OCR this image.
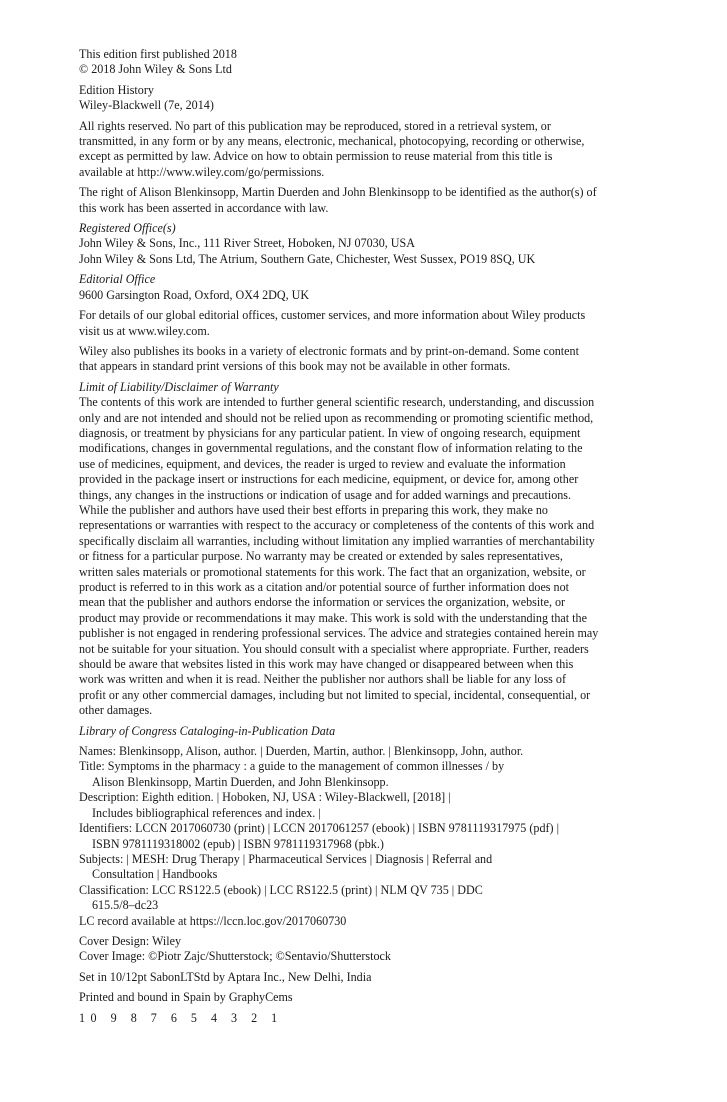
This edition first published 2018
© 2018 John Wiley & Sons Ltd
Edition History
Wiley-Blackwell (7e, 2014)
All rights reserved. No part of this publication may be reproduced, stored in a retrieval system, or
transmitted, in any form or by any means, electronic, mechanical, photocopying, recording or otherwise,
except as permitted by law. Advice on how to obtain permission to reuse material from this title is
available at http://www.wiley.com/go/permissions.
The right of Alison Blenkinsopp, Martin Duerden and John Blenkinsopp to be identified as the author(s) of
this work has been asserted in accordance with law.
Registered Office(s)
John Wiley & Sons, Inc., 111 River Street, Hoboken, NJ 07030, USA
John Wiley & Sons Ltd, The Atrium, Southern Gate, Chichester, West Sussex, PO19 8SQ, UK
Editorial Office
9600 Garsington Road, Oxford, OX4 2DQ, UK
For details of our global editorial offices, customer services, and more information about Wiley products
visit us at www.wiley.com.
Wiley also publishes its books in a variety of electronic formats and by print-on-demand. Some content
that appears in standard print versions of this book may not be available in other formats.
Limit of Liability/Disclaimer of Warranty
The contents of this work are intended to further general scientific research, understanding, and discussion
only and are not intended and should not be relied upon as recommending or promoting scientific method,
diagnosis, or treatment by physicians for any particular patient. In view of ongoing research, equipment
modifications, changes in governmental regulations, and the constant flow of information relating to the
use of medicines, equipment, and devices, the reader is urged to review and evaluate the information
provided in the package insert or instructions for each medicine, equipment, or device for, among other
things, any changes in the instructions or indication of usage and for added warnings and precautions.
While the publisher and authors have used their best efforts in preparing this work, they make no
representations or warranties with respect to the accuracy or completeness of the contents of this work and
specifically disclaim all warranties, including without limitation any implied warranties of merchantability
or fitness for a particular purpose. No warranty may be created or extended by sales representatives,
written sales materials or promotional statements for this work. The fact that an organization, website, or
product is referred to in this work as a citation and/or potential source of further information does not
mean that the publisher and authors endorse the information or services the organization, website, or
product may provide or recommendations it may make. This work is sold with the understanding that the
publisher is not engaged in rendering professional services. The advice and strategies contained herein may
not be suitable for your situation. You should consult with a specialist where appropriate. Further, readers
should be aware that websites listed in this work may have changed or disappeared between when this
work was written and when it is read. Neither the publisher nor authors shall be liable for any loss of
profit or any other commercial damages, including but not limited to special, incidental, consequential, or
other damages.
Library of Congress Cataloging-in-Publication Data
Names: Blenkinsopp, Alison, author. | Duerden, Martin, author. | Blenkinsopp, John, author.
Title: Symptoms in the pharmacy : a guide to the management of common illnesses / by
Alison Blenkinsopp, Martin Duerden, and John Blenkinsopp.
Description: Eighth edition. | Hoboken, NJ, USA : Wiley-Blackwell, [2018] |
Includes bibliographical references and index. |
Identifiers: LCCN 2017060730 (print) | LCCN 2017061257 (ebook) | ISBN 9781119317975 (pdf) |
ISBN 9781119318002 (epub) | ISBN 9781119317968 (pbk.)
Subjects: | MESH: Drug Therapy | Pharmaceutical Services | Diagnosis | Referral and
Consultation | Handbooks
Classification: LCC RS122.5 (ebook) | LCC RS122.5 (print) | NLM QV 735 | DDC
615.5/8–dc23
LC record available at https://lccn.loc.gov/2017060730
Cover Design: Wiley
Cover Image: ©Piotr Zajc/Shutterstock; ©Sentavio/Shutterstock
Set in 10/12pt SabonLTStd by Aptara Inc., New Delhi, India
Printed and bound in Spain by GraphyCems
10 9 8 7 6 5 4 3 2 1
